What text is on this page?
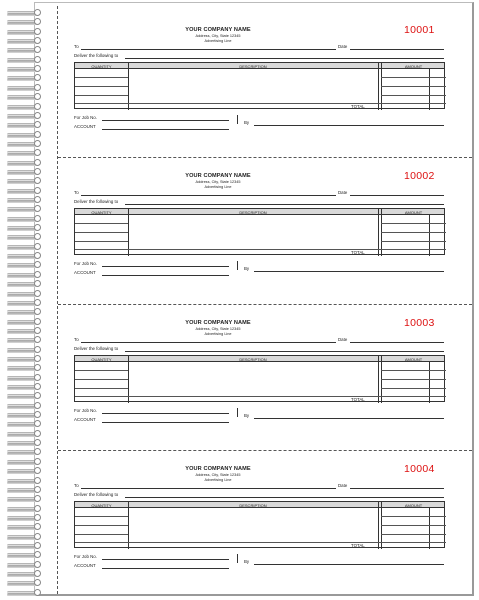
YOUR COMPANY NAME
Address, City, State 12345
Advertising Line
10001
To	Date
Deliver the following to
QUANTITY	DESCRIPTION	AMOUNT
TOTAL
For Job No.
ACCOUNT
By
YOUR COMPANY NAME
Address, City, State 12345
Advertising Line
10002
To	Date
Deliver the following to
QUANTITY	DESCRIPTION	AMOUNT
TOTAL
For Job No.
ACCOUNT
By
YOUR COMPANY NAME
Address, City, State 12345
Advertising Line
10003
To	Date
Deliver the following to
QUANTITY	DESCRIPTION	AMOUNT
TOTAL
For Job No.
ACCOUNT
By
YOUR COMPANY NAME
Address, City, State 12345
Advertising Line
10004
To	Date
Deliver the following to
QUANTITY	DESCRIPTION	AMOUNT
TOTAL
For Job No.
ACCOUNT
By
